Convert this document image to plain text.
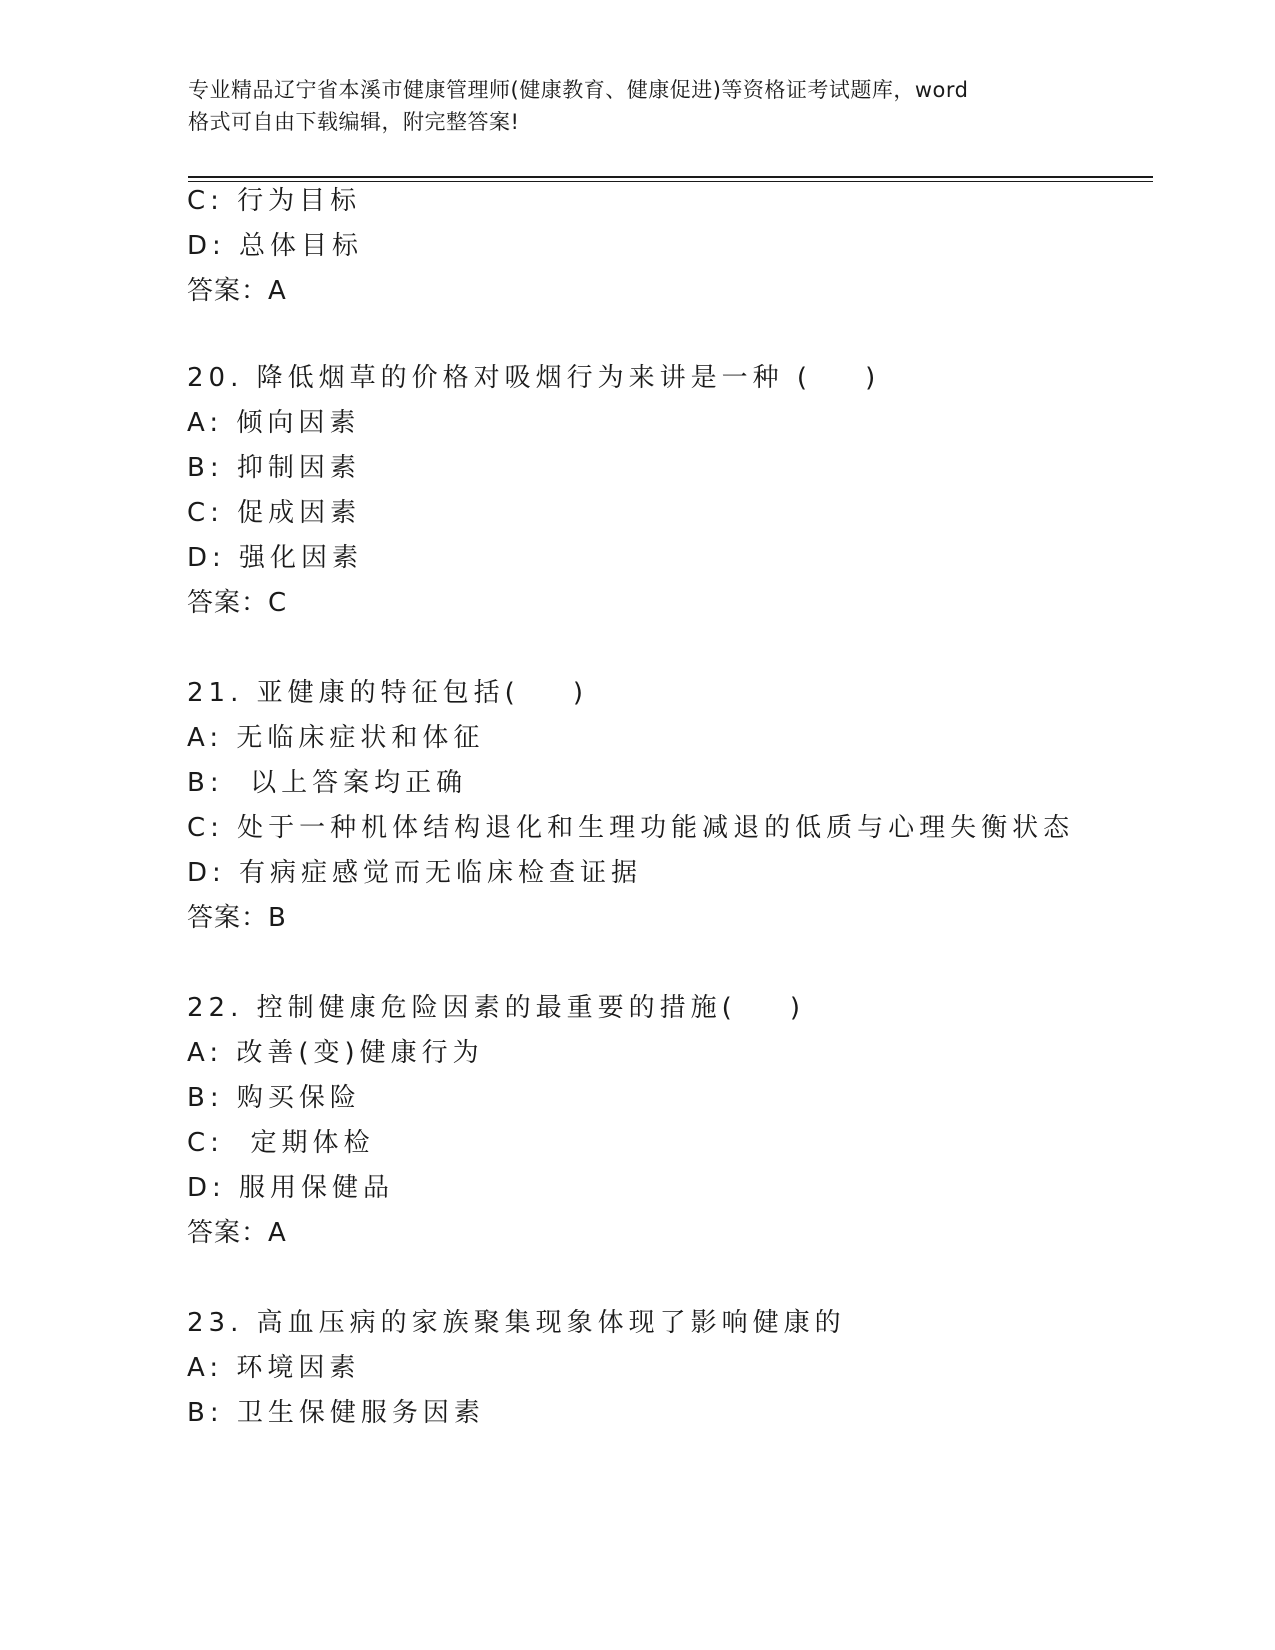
专业精品辽宁省本溪市健康管理师(健康教育、健康促进)等资格证考试题库，word
格式可自由下载编辑，附完整答案!
C: 行为目标
D: 总体目标
答案：A
20. 降低烟草的价格对吸烟行为来讲是一种 (    )
A: 倾向因素
B: 抑制因素
C: 促成因素
D: 强化因素
答案：C
21. 亚健康的特征包括(    )
A: 无临床症状和体征
B:  以上答案均正确
C: 处于一种机体结构退化和生理功能减退的低质与心理失衡状态
D: 有病症感觉而无临床检查证据
答案：B
22. 控制健康危险因素的最重要的措施(    )
A: 改善(变)健康行为
B: 购买保险
C:  定期体检
D: 服用保健品
答案：A
23. 高血压病的家族聚集现象体现了影响健康的
A: 环境因素
B: 卫生保健服务因素
